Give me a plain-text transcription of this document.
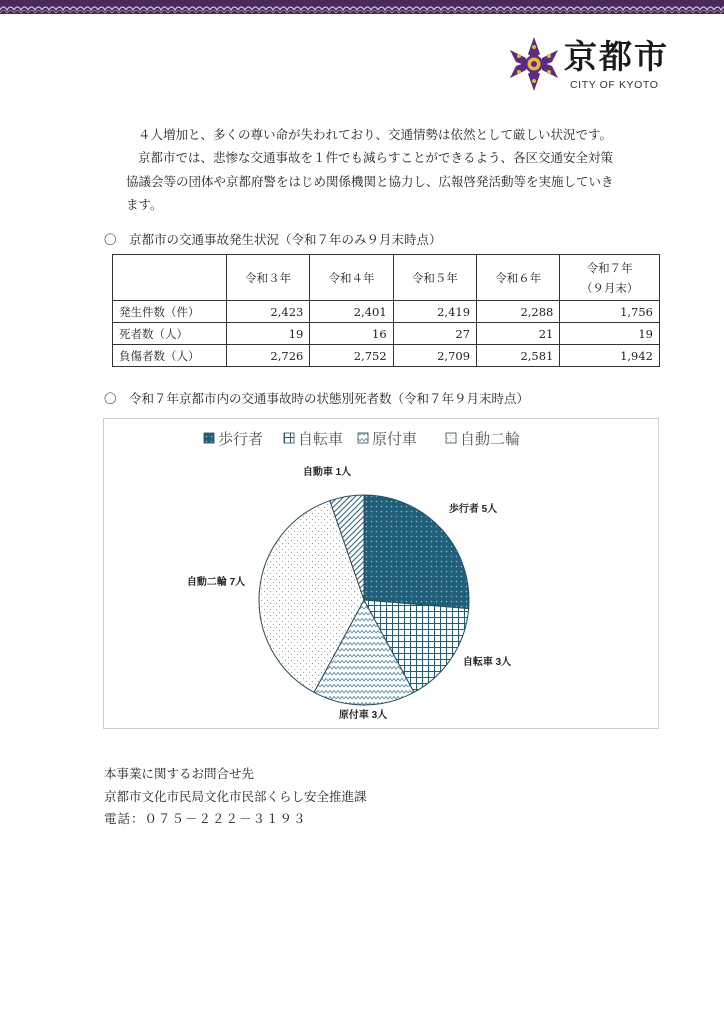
京都市
CITY OF KYOTO
４人増加と、多くの尊い命が失われており、交通情勢は依然として厳しい状況です。
京都市では、悲惨な交通事故を１件でも減らすことができるよう、各区交通安全対策
協議会等の団体や京都府警をはじめ関係機関と協力し、広報啓発活動等を実施していき
ます。
〇　京都市の交通事故発生状況（令和７年のみ９月末時点）
	令和３年	令和４年	令和５年	令和６年	令和７年
（９月末）

発生件数（件）	2,423	2,401	2,419	2,288	1,756
死者数（人）	19	16	27	21	19
負傷者数（人）	2,726	2,752	2,709	2,581	1,942
〇　令和７年京都市内の交通事故時の状態別死者数（令和７年９月末時点）
歩行者 自転車 原付車	自動二輪
歩行者 5人
自転車 3人
原付車 3人
自動二輪 7人
自動車 1人
本事業に関するお問合せ先
京都市文化市民局文化市民部くらし安全推進課
電話：０７５－２２２－３１９３
